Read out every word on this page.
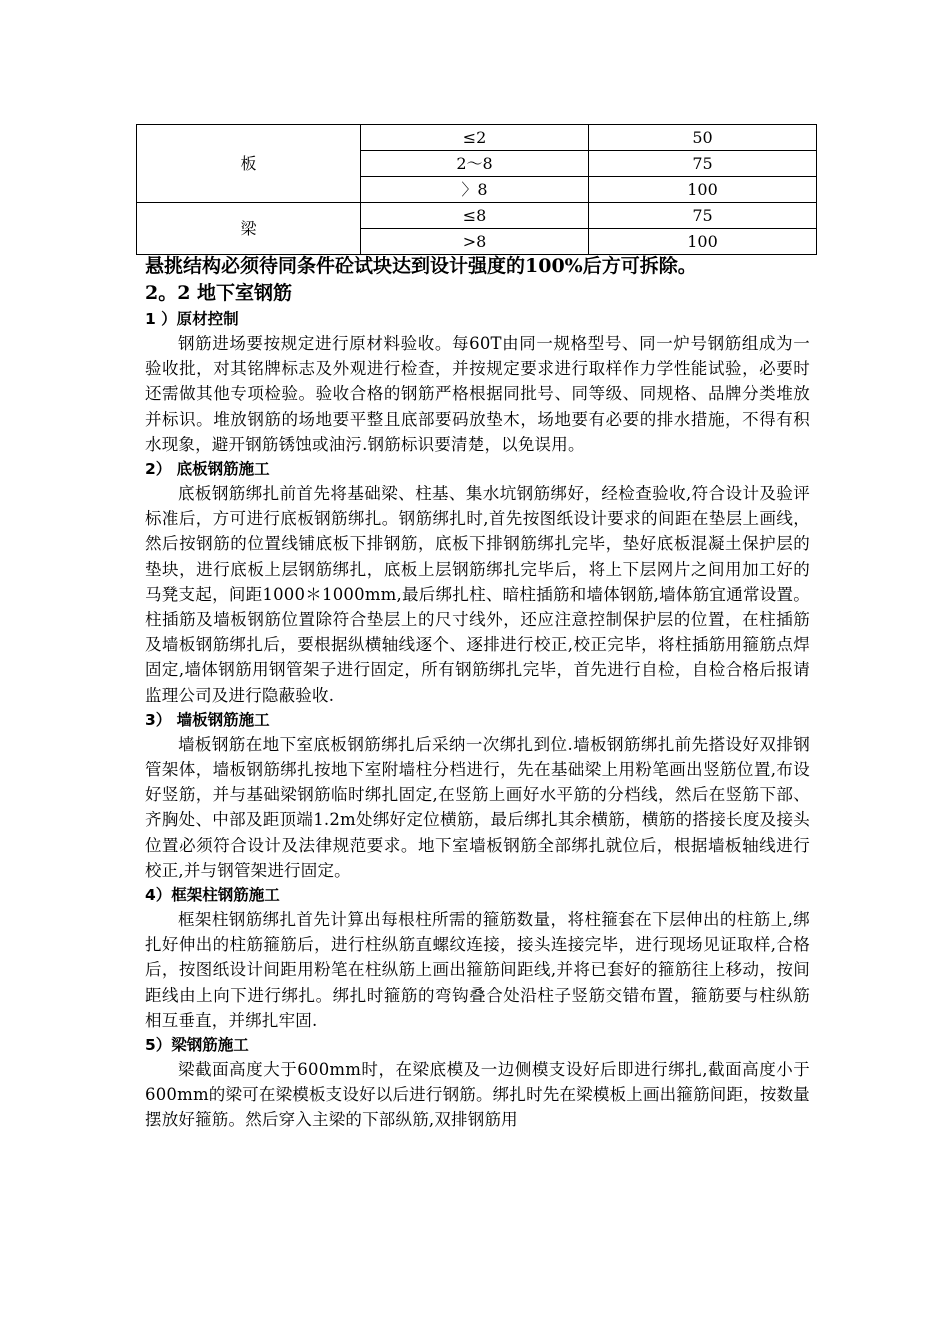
板	≤2	50
	2～8	75
	〉8	100
梁	≤8	75
	>8	100

悬挑结构必须待同条件砼试块达到设计强度的100%后方可拆除。

2。2 地下室钢筋

1 ）原材控制

钢筋进场要按规定进行原材料验收。每60T由同一规格型号、同一炉号钢筋组成为一验收批，对其铭牌标志及外观进行检查，并按规定要求进行取样作力学性能试验，必要时还需做其他专项检验。验收合格的钢筋严格根据同批号、同等级、同规格、品牌分类堆放并标识。堆放钢筋的场地要平整且底部要码放垫木，场地要有必要的排水措施，不得有积水现象，避开钢筋锈蚀或油污.钢筋标识要清楚，以免误用。

2） 底板钢筋施工

底板钢筋绑扎前首先将基础梁、柱基、集水坑钢筋绑好，经检查验收,符合设计及验评标准后，方可进行底板钢筋绑扎。钢筋绑扎时,首先按图纸设计要求的间距在垫层上画线，然后按钢筋的位置线铺底板下排钢筋，底板下排钢筋绑扎完毕，垫好底板混凝土保护层的垫块，进行底板上层钢筋绑扎，底板上层钢筋绑扎完毕后，将上下层网片之间用加工好的马凳支起，间距1000＊1000mm,最后绑扎柱、暗柱插筋和墙体钢筋,墙体筋宜通常设置。柱插筋及墙板钢筋位置除符合垫层上的尺寸线外，还应注意控制保护层的位置，在柱插筋及墙板钢筋绑扎后，要根据纵横轴线逐个、逐排进行校正,校正完毕，将柱插筋用箍筋点焊固定,墙体钢筋用钢管架子进行固定，所有钢筋绑扎完毕，首先进行自检，自检合格后报请监理公司及进行隐蔽验收.

3） 墙板钢筋施工

墙板钢筋在地下室底板钢筋绑扎后采纳一次绑扎到位.墙板钢筋绑扎前先搭设好双排钢管架体，墙板钢筋绑扎按地下室附墙柱分档进行，先在基础梁上用粉笔画出竖筋位置,布设好竖筋，并与基础梁钢筋临时绑扎固定,在竖筋上画好水平筋的分档线，然后在竖筋下部、齐胸处、中部及距顶端1.2m处绑好定位横筋，最后绑扎其余横筋，横筋的搭接长度及接头位置必须符合设计及法律规范要求。地下室墙板钢筋全部绑扎就位后，根据墙板轴线进行校正,并与钢管架进行固定。

4）框架柱钢筋施工

框架柱钢筋绑扎首先计算出每根柱所需的箍筋数量，将柱箍套在下层伸出的柱筋上,绑扎好伸出的柱筋箍筋后，进行柱纵筋直螺纹连接，接头连接完毕，进行现场见证取样,合格后，按图纸设计间距用粉笔在柱纵筋上画出箍筋间距线,并将已套好的箍筋往上移动，按间距线由上向下进行绑扎。绑扎时箍筋的弯钩叠合处沿柱子竖筋交错布置，箍筋要与柱纵筋相互垂直，并绑扎牢固.

5）梁钢筋施工

梁截面高度大于600mm时，在梁底模及一边侧模支设好后即进行绑扎,截面高度小于600mm的梁可在梁模板支设好以后进行钢筋。绑扎时先在梁模板上画出箍筋间距，按数量摆放好箍筋。然后穿入主梁的下部纵筋,双排钢筋用
